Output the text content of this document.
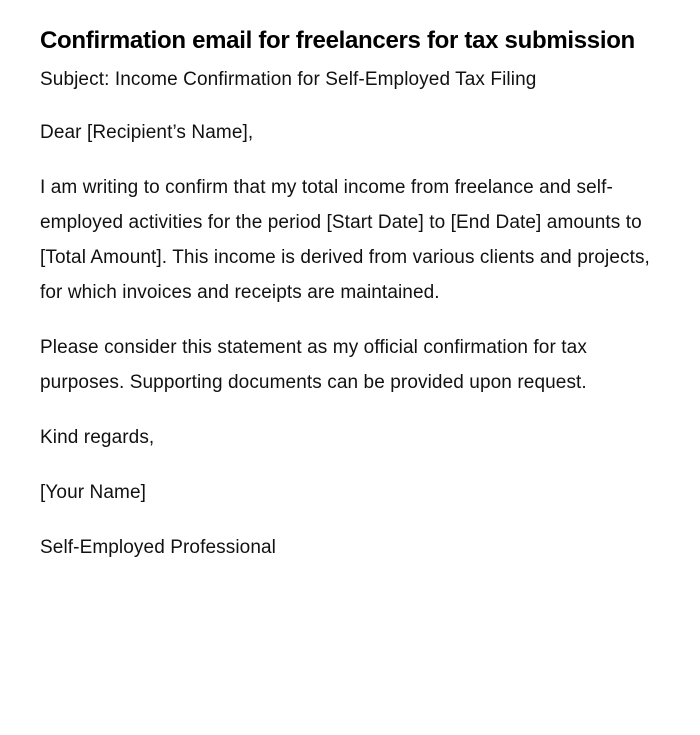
Confirmation email for freelancers for tax submission

Subject: Income Confirmation for Self-Employed Tax Filing

Dear [Recipient’s Name],

I am writing to confirm that my total income from freelance and self-employed activities for the period [Start Date] to [End Date] amounts to [Total Amount]. This income is derived from various clients and projects, for which invoices and receipts are maintained.

Please consider this statement as my official confirmation for tax purposes. Supporting documents can be provided upon request.

Kind regards,

[Your Name]

Self-Employed Professional
